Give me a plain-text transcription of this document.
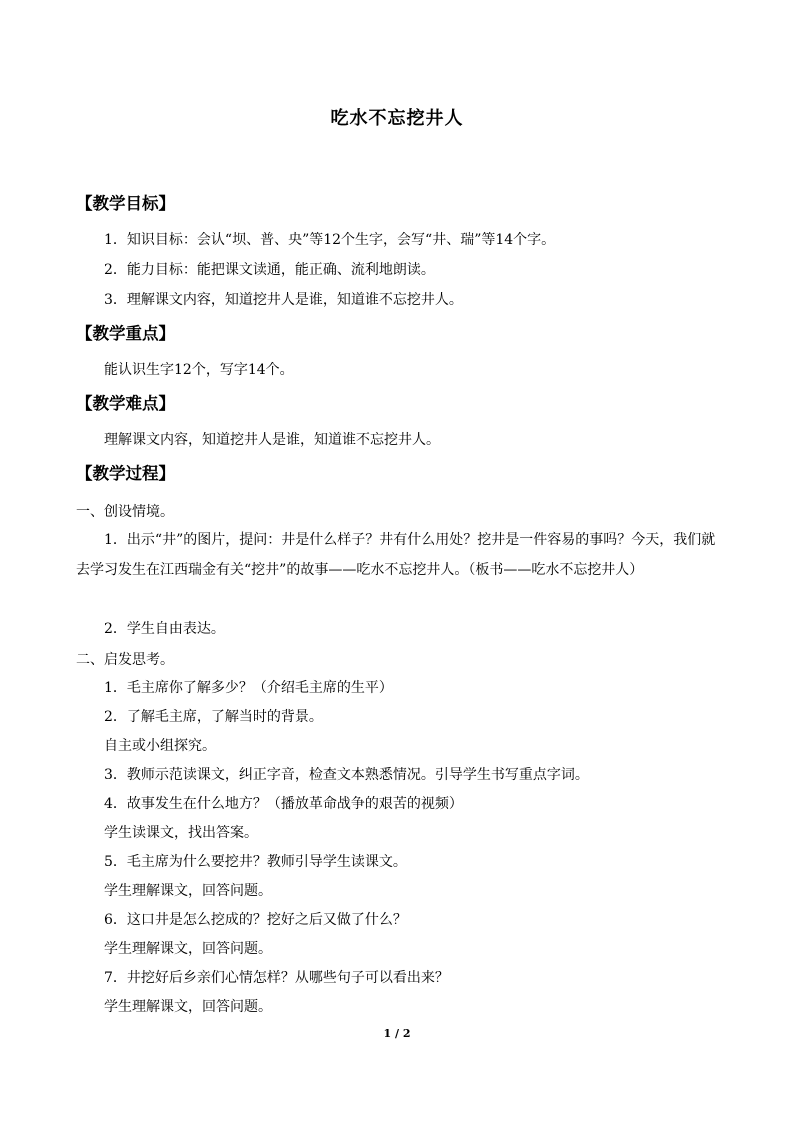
吃水不忘挖井人
【教学目标】
1．知识目标：会认“坝、普、央”等12个生字，会写“井、瑞”等14个字。
2．能力目标：能把课文读通，能正确、流利地朗读。
3．理解课文内容，知道挖井人是谁，知道谁不忘挖井人。
【教学重点】
能认识生字12个，写字14个。
【教学难点】
理解课文内容，知道挖井人是谁，知道谁不忘挖井人。
【教学过程】
一、创设情境。
1．出示“井”的图片，提问：井是什么样子？井有什么用处？挖井是一件容易的事吗？今天，我们就去学习发生在江西瑞金有关“挖井”的故事——吃水不忘挖井人。（板书——吃水不忘挖井人）
2．学生自由表达。
二、启发思考。
1．毛主席你了解多少？（介绍毛主席的生平）
2．了解毛主席，了解当时的背景。
自主或小组探究。
3．教师示范读课文，纠正字音，检查文本熟悉情况。引导学生书写重点字词。
4．故事发生在什么地方？（播放革命战争的艰苦的视频）
学生读课文，找出答案。
5．毛主席为什么要挖井？教师引导学生读课文。
学生理解课文，回答问题。
6．这口井是怎么挖成的？挖好之后又做了什么？
学生理解课文，回答问题。
7．井挖好后乡亲们心情怎样？从哪些句子可以看出来？
学生理解课文，回答问题。
1 / 2
